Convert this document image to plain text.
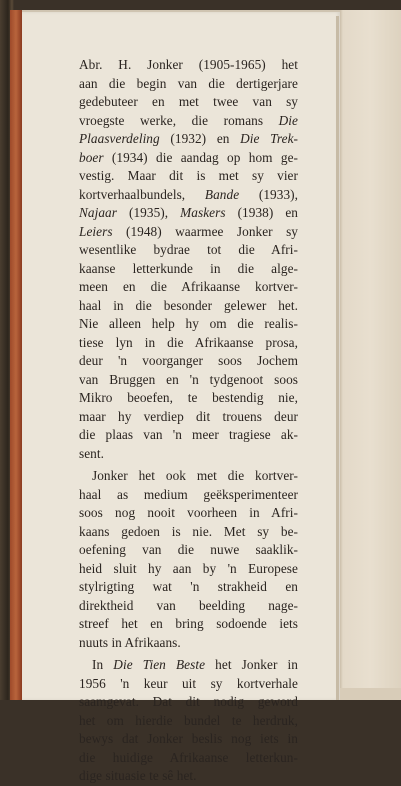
Abr. H. Jonker (1905-1965) het
aan die begin van die dertigerjare
gedebuteer en met twee van sy
vroegste werke, die romans Die
Plaasverdeling (1932) en Die Trek-
boer (1934) die aandag op hom ge-
vestig. Maar dit is met sy vier
kortverhaalbundels, Bande (1933),
Najaar (1935), Maskers (1938) en
Leiers (1948) waarmee Jonker sy
wesentlike bydrae tot die Afri-
kaanse letterkunde in die alge-
meen en die Afrikaanse kortver-
haal in die besonder gelewer het.
Nie alleen help hy om die realis-
tiese lyn in die Afrikaanse prosa,
deur 'n voorganger soos Jochem
van Bruggen en 'n tydgenoot soos
Mikro beoefen, te bestendig nie,
maar hy verdiep dit trouens deur
die plaas van 'n meer tragiese ak-
sent.
Jonker het ook met die kortver-
haal as medium geëksperimenteer
soos nog nooit voorheen in Afri-
kaans gedoen is nie. Met sy be-
oefening van die nuwe saaklik-
heid sluit hy aan by 'n Europese
stylrigting wat 'n strakheid en
direktheid van beelding nage-
streef het en bring sodoende iets
nuuts in Afrikaans.
In Die Tien Beste het Jonker in
1956 'n keur uit sy kortverhale
saamgevat. Dat dit nodig geword
het om hierdie bundel te herdruk,
bewys dat Jonker beslis nog iets in
die huidige Afrikaanse letterkun-
dige situasie te sê het.
